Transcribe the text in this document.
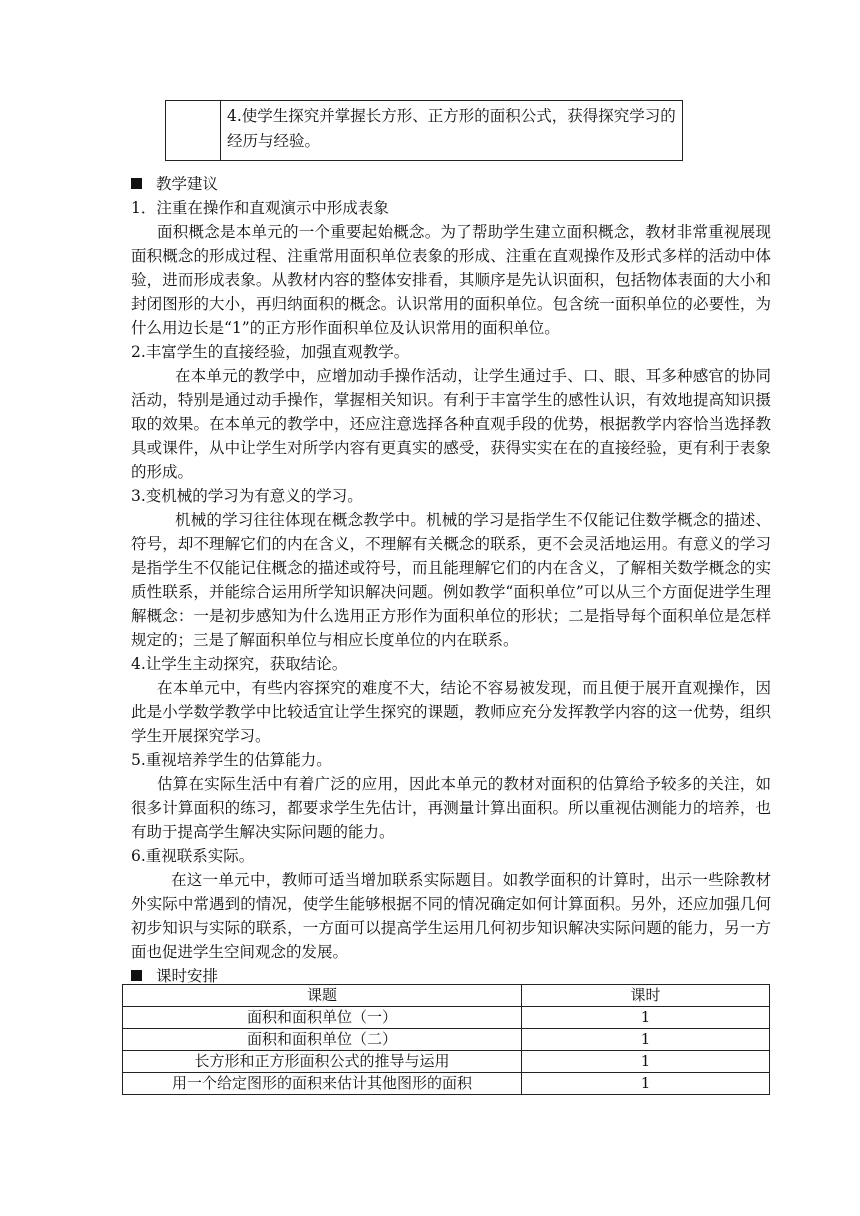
	4.使学生探究并掌握长方形、正方形的面积公式，获得探究学习的经历与经验。
教学建议
1．注重在操作和直观演示中形成表象
面积概念是本单元的一个重要起始概念。为了帮助学生建立面积概念，教材非常重视展现面积概念的形成过程、注重常用面积单位表象的形成、注重在直观操作及形式多样的活动中体验，进而形成表象。从教材内容的整体安排看，其顺序是先认识面积，包括物体表面的大小和封闭图形的大小，再归纳面积的概念。认识常用的面积单位。包含统一面积单位的必要性，为什么用边长是“1”的正方形作面积单位及认识常用的面积单位。
2.丰富学生的直接经验，加强直观教学。
在本单元的教学中，应增加动手操作活动，让学生通过手、口、眼、耳多种感官的协同活动，特别是通过动手操作，掌握相关知识。有利于丰富学生的感性认识，有效地提高知识摄取的效果。在本单元的教学中，还应注意选择各种直观手段的优势，根据教学内容恰当选择教具或课件，从中让学生对所学内容有更真实的感受，获得实实在在的直接经验，更有利于表象的形成。
3.变机械的学习为有意义的学习。
机械的学习往往体现在概念教学中。机械的学习是指学生不仅能记住数学概念的描述、符号，却不理解它们的内在含义，不理解有关概念的联系，更不会灵活地运用。有意义的学习是指学生不仅能记住概念的描述或符号，而且能理解它们的内在含义，了解相关数学概念的实质性联系，并能综合运用所学知识解决问题。例如教学“面积单位”可以从三个方面促进学生理解概念：一是初步感知为什么选用正方形作为面积单位的形状；二是指导每个面积单位是怎样规定的；三是了解面积单位与相应长度单位的内在联系。
4.让学生主动探究，获取结论。
在本单元中，有些内容探究的难度不大，结论不容易被发现，而且便于展开直观操作，因此是小学数学教学中比较适宜让学生探究的课题，教师应充分发挥教学内容的这一优势，组织学生开展探究学习。
5.重视培养学生的估算能力。
估算在实际生活中有着广泛的应用，因此本单元的教材对面积的估算给予较多的关注，如很多计算面积的练习，都要求学生先估计，再测量计算出面积。所以重视估测能力的培养，也有助于提高学生解决实际问题的能力。
6.重视联系实际。
在这一单元中，教师可适当增加联系实际题目。如教学面积的计算时，出示一些除教材外实际中常遇到的情况，使学生能够根据不同的情况确定如何计算面积。另外，还应加强几何初步知识与实际的联系，一方面可以提高学生运用几何初步知识解决实际问题的能力，另一方面也促进学生空间观念的发展。
课时安排
课题	课时
面积和面积单位（一）	1
面积和面积单位（二）	1
长方形和正方形面积公式的推导与运用	1
用一个给定图形的面积来估计其他图形的面积	1
